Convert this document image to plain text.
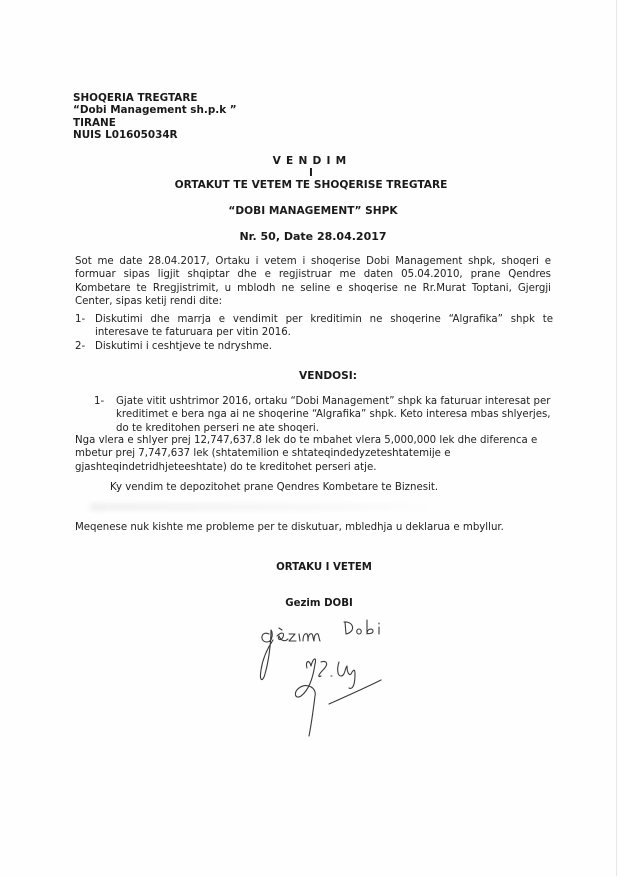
SHOQERIA TREGTARE
“Dobi Management sh.p.k ”
TIRANE
NUIS L01605034R
VENDIM
I
ORTAKUT TE VETEM TE SHOQERISE TREGTARE
“DOBI MANAGEMENT” SHPK
Nr. 50, Date 28.04.2017

Sot me date 28.04.2017, Ortaku i vetem i shoqerise Dobi Management shpk, shoqeri e formuar sipas ligjit shqiptar dhe e regjistruar me daten 05.04.2010, prane Qendres Kombetare te Rregjistrimit, u mblodh ne seline e shoqerise ne Rr.Murat Toptani, Gjergji Center, sipas ketij rendi dite:

1- Diskutimi dhe marrja e vendimit per kreditimin ne shoqerine “Algrafika” shpk te interesave te faturuara per vitin 2016.
2- Diskutimi i ceshtjeve te ndryshme.
VENDOSI:
1-	Gjate vitit ushtrimor 2016, ortaku “Dobi Management” shpk ka faturuar interesat per kreditimet e bera nga ai ne shoqerine “Algrafika” shpk. Keto interesa mbas shlyerjes, do te kreditohen perseri ne ate shoqeri.

Nga vlera e shlyer prej 12,747,637.8 lek do te mbahet vlera 5,000,000 lek dhe diferenca e mbetur prej 7,747,637 lek (shtatemilion e shtateqindedyzeteshtatemije e gjashteqindetridhjeteeshtate) do te kreditohet perseri atje.

Ky vendim te depozitohet prane Qendres Kombetare te Biznesit.
Meqenese nuk kishte me probleme per te diskutuar, mbledhja u deklarua e mbyllur.
ORTAKU I VETEM
Gezim DOBI
